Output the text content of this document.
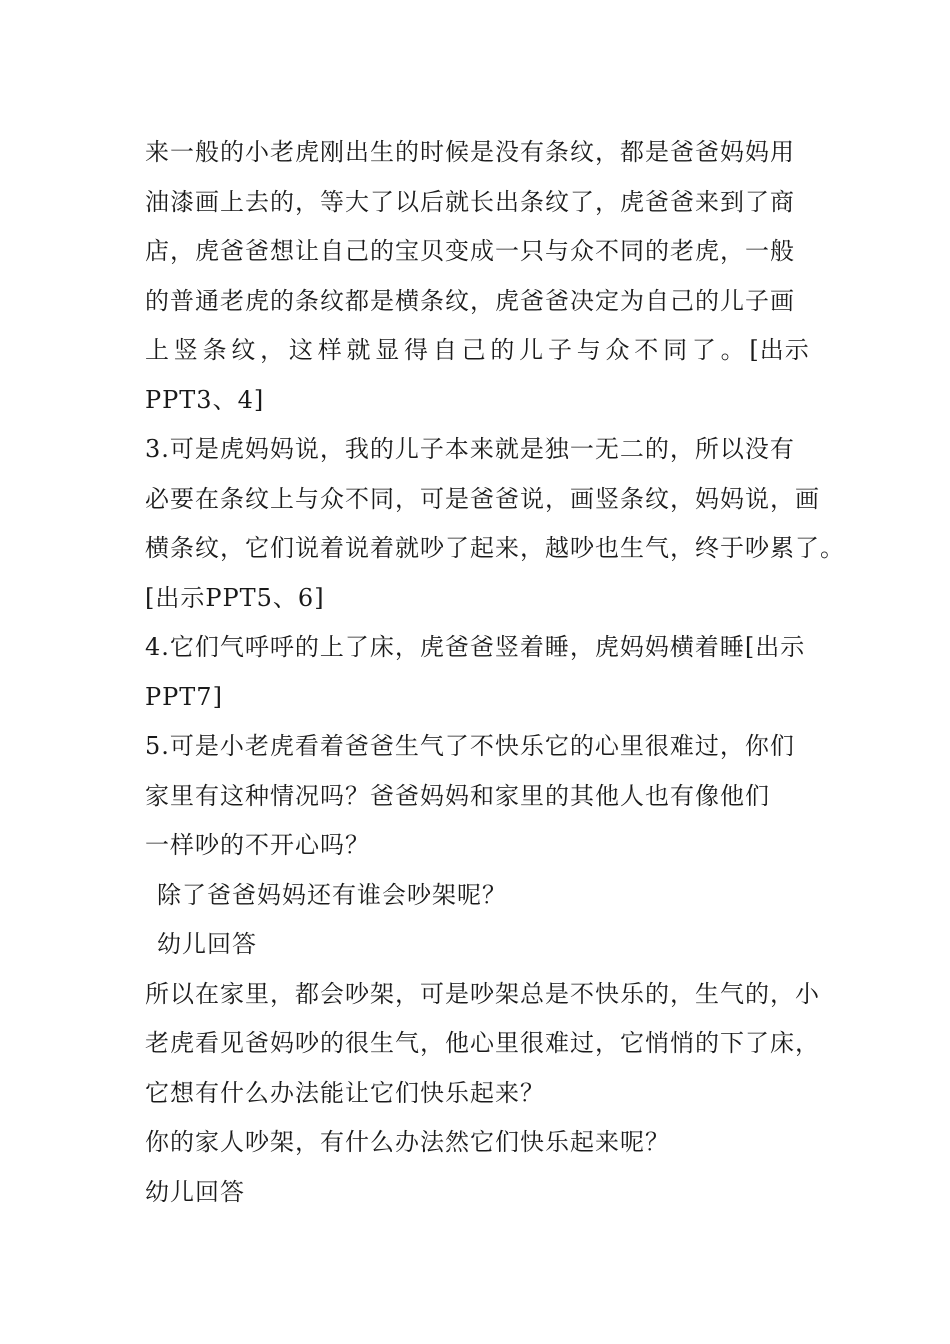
来一般的小老虎刚出生的时候是没有条纹，都是爸爸妈妈用
油漆画上去的，等大了以后就长出条纹了，虎爸爸来到了商
店，虎爸爸想让自己的宝贝变成一只与众不同的老虎，一般
的普通老虎的条纹都是横条纹，虎爸爸决定为自己的儿子画
上 竖 条 纹 ， 这 样 就 显 得 自 己 的 儿 子 与 众 不 同 了 。 [出示
PPT3、4]
3.可是虎妈妈说，我的儿子本来就是独一无二的，所以没有
必要在条纹上与众不同，可是爸爸说，画竖条纹，妈妈说，画
横条纹，它们说着说着就吵了起来，越吵也生气，终于吵累了。
[出示PPT5、6]
4.它们气呼呼的上了床，虎爸爸竖着睡，虎妈妈横着睡[出示
PPT7]
5.可是小老虎看着爸爸生气了不快乐它的心里很难过，你们
家里有这种情况吗？爸爸妈妈和家里的其他人也有像他们
一样吵的不开心吗？
除了爸爸妈妈还有谁会吵架呢？
幼儿回答
所以在家里，都会吵架，可是吵架总是不快乐的，生气的，小
老虎看见爸妈吵的很生气，他心里很难过，它悄悄的下了床，
它想有什么办法能让它们快乐起来？
你的家人吵架，有什么办法然它们快乐起来呢？
幼儿回答
